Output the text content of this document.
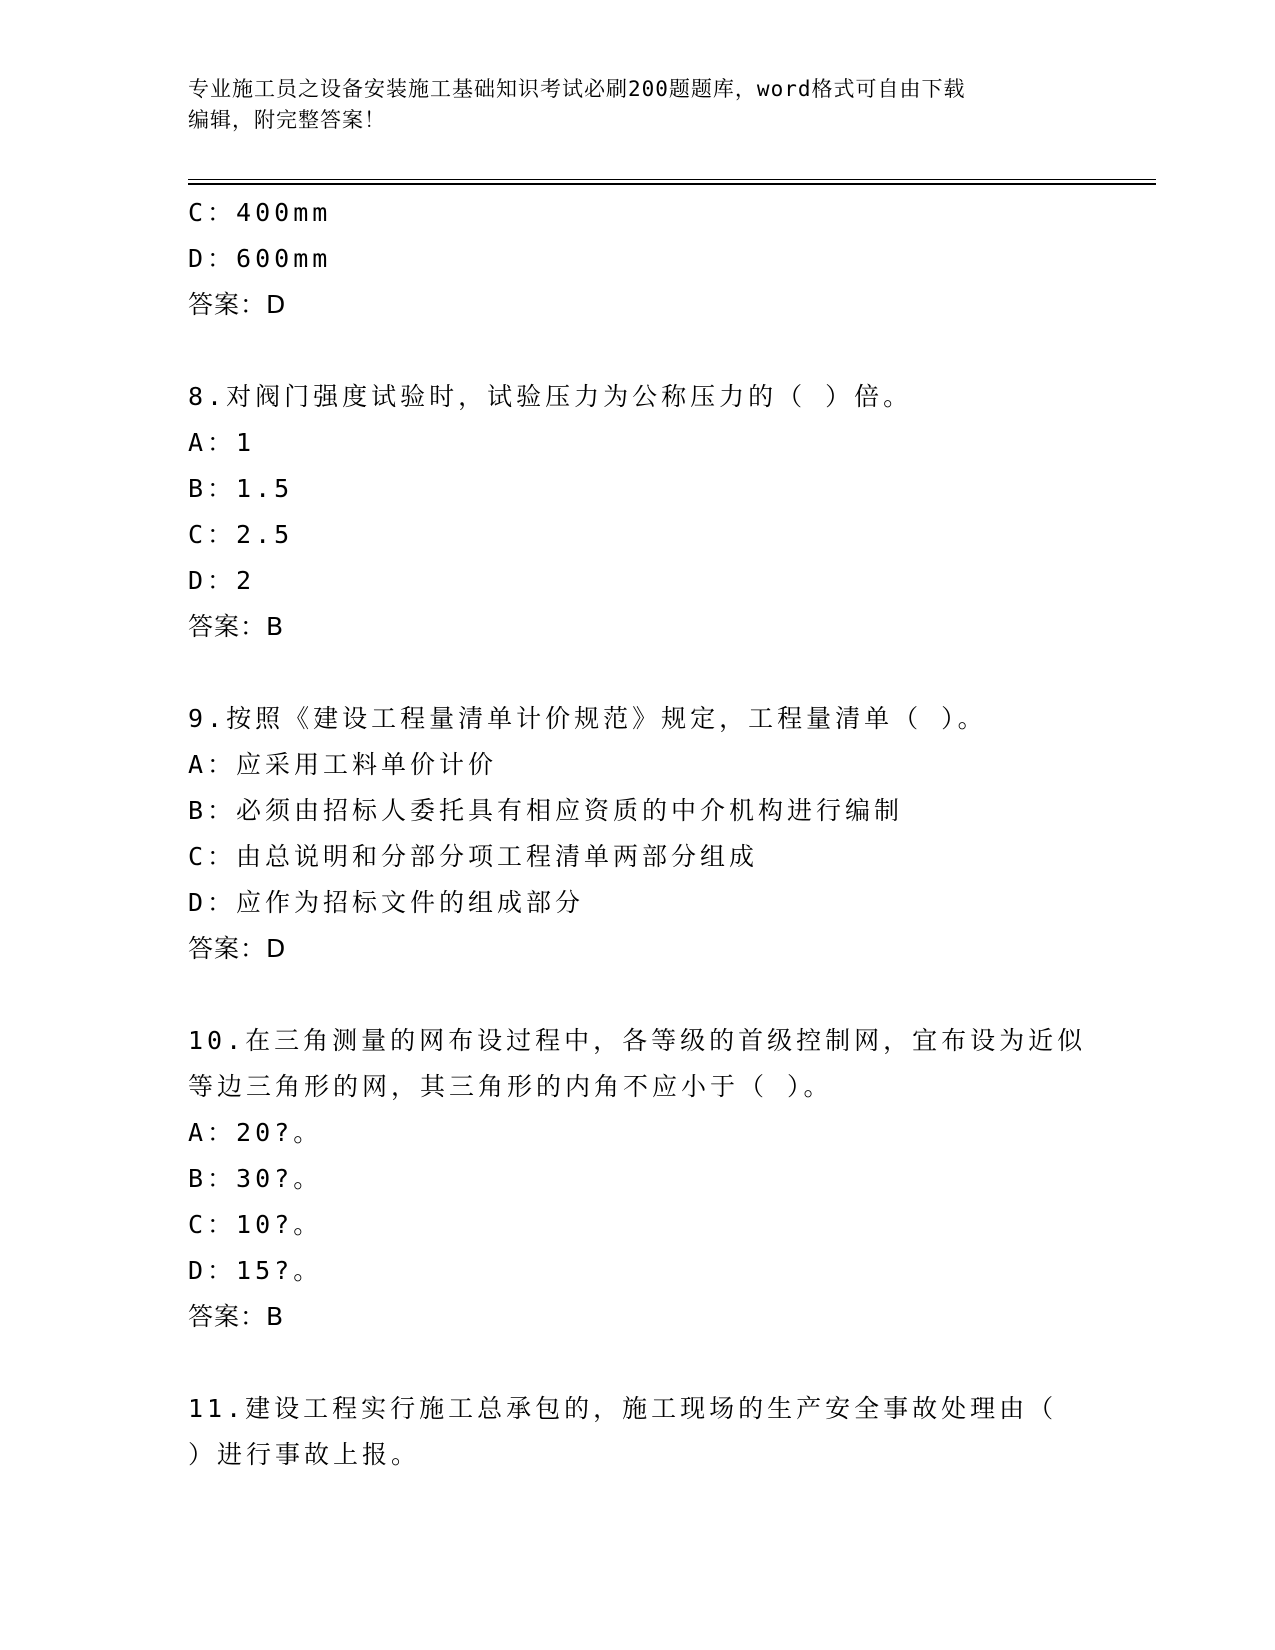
专业施工员之设备安装施工基础知识考试必刷200题题库，word格式可自由下载
编辑，附完整答案！
C：400mm
D：600mm
答案：D
8.对阀门强度试验时，试验压力为公称压力的（ ）倍。
A：1
B：1.5
C：2.5
D：2
答案：B
9.按照《建设工程量清单计价规范》规定，工程量清单（ ）。
A：应采用工料单价计价
B：必须由招标人委托具有相应资质的中介机构进行编制
C：由总说明和分部分项工程清单两部分组成
D：应作为招标文件的组成部分
答案：D
10.在三角测量的网布设过程中，各等级的首级控制网，宜布设为近似
等边三角形的网，其三角形的内角不应小于（ ）。
A：20?。
B：30?。
C：10?。
D：15?。
答案：B
11.建设工程实行施工总承包的，施工现场的生产安全事故处理由（
）进行事故上报。
